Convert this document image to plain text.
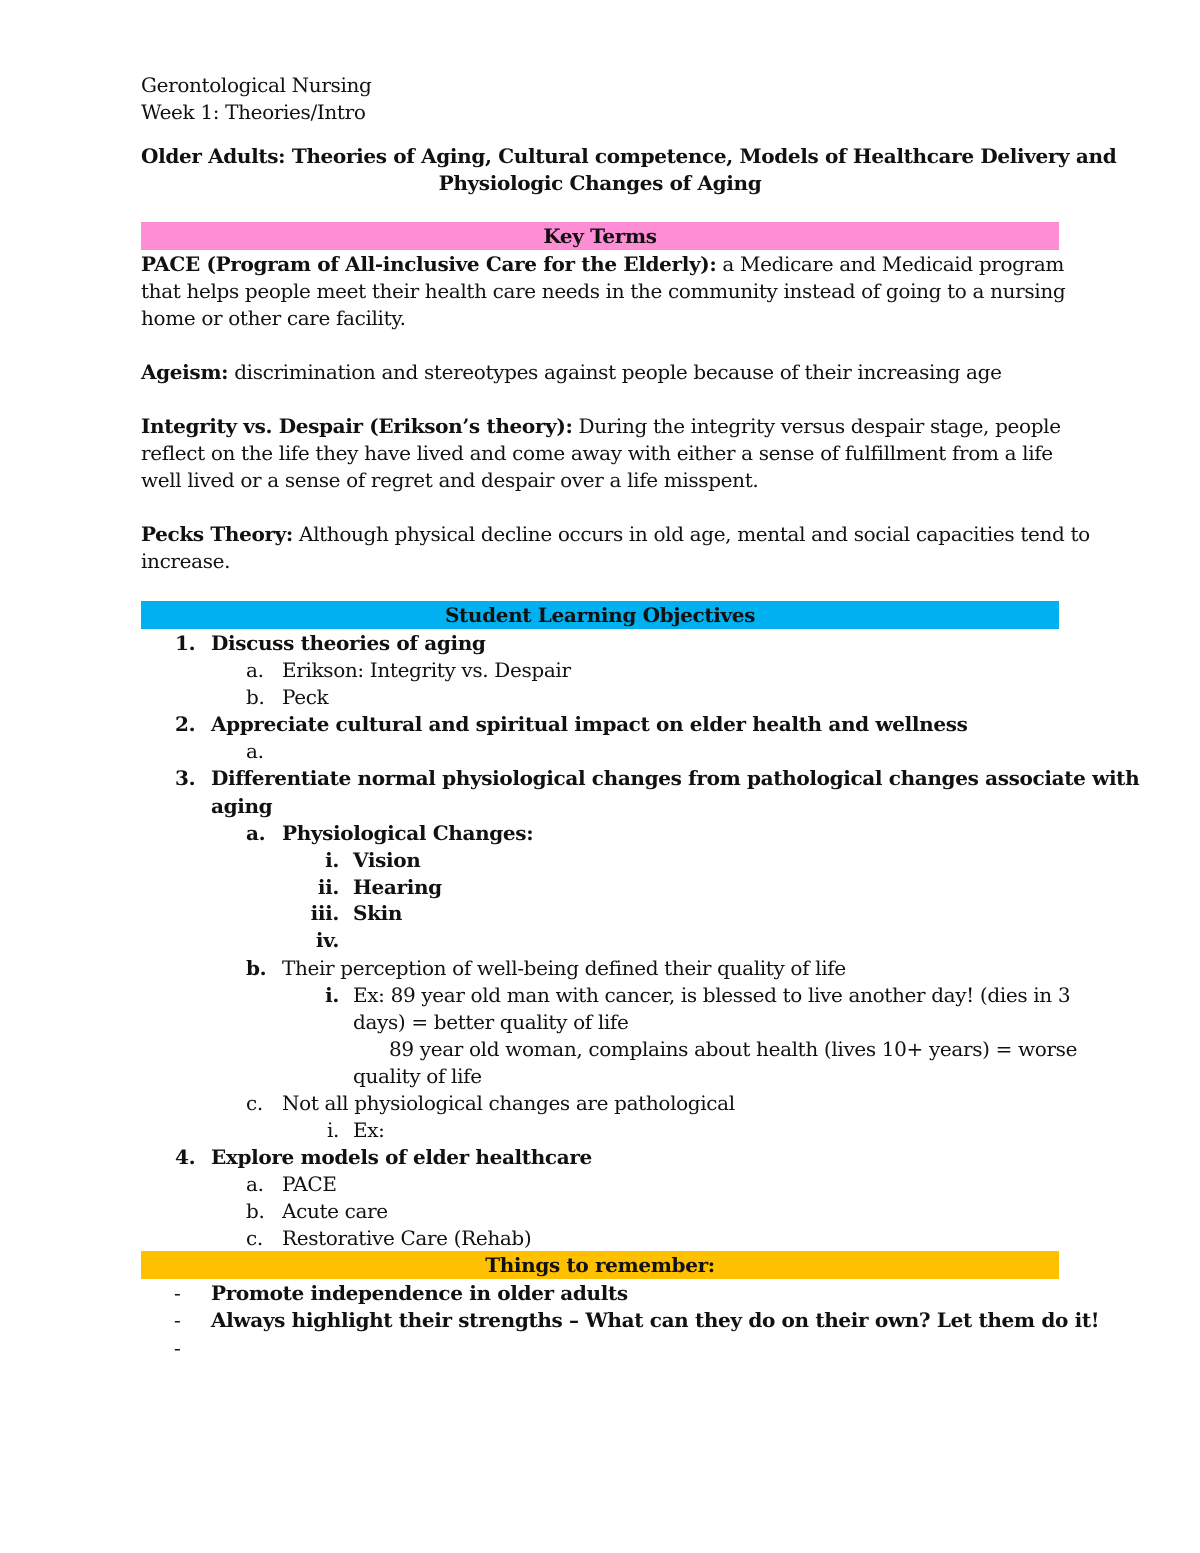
Gerontological Nursing
Week 1: Theories/Intro
Older Adults: Theories of Aging, Cultural competence, Models of Healthcare Delivery and
Physiologic Changes of Aging
Key Terms
PACE (Program of All-inclusive Care for the Elderly): a Medicare and Medicaid program
that helps people meet their health care needs in the community instead of going to a nursing
home or other care facility.
Ageism: discrimination and stereotypes against people because of their increasing age
Integrity vs. Despair (Erikson’s theory): During the integrity versus despair stage, people
reflect on the life they have lived and come away with either a sense of fulfillment from a life
well lived or a sense of regret and despair over a life misspent.
Pecks Theory: Although physical decline occurs in old age, mental and social capacities tend to
increase.
Student Learning Objectives
1. Discuss theories of aging
a. Erikson: Integrity vs. Despair
b. Peck
2. Appreciate cultural and spiritual impact on elder health and wellness
a.
3. Differentiate normal physiological changes from pathological changes associate with
aging
a. Physiological Changes:
i. Vision
ii. Hearing
iii. Skin
iv.
b. Their perception of well-being defined their quality of life
i. Ex: 89 year old man with cancer, is blessed to live another day! (dies in 3
days) = better quality of life
89 year old woman, complains about health (lives 10+ years) = worse
quality of life
c. Not all physiological changes are pathological
i. Ex:
4. Explore models of elder healthcare
a. PACE
b. Acute care
c. Restorative Care (Rehab)
Things to remember:
- Promote independence in older adults
- Always highlight their strengths – What can they do on their own? Let them do it!
-
